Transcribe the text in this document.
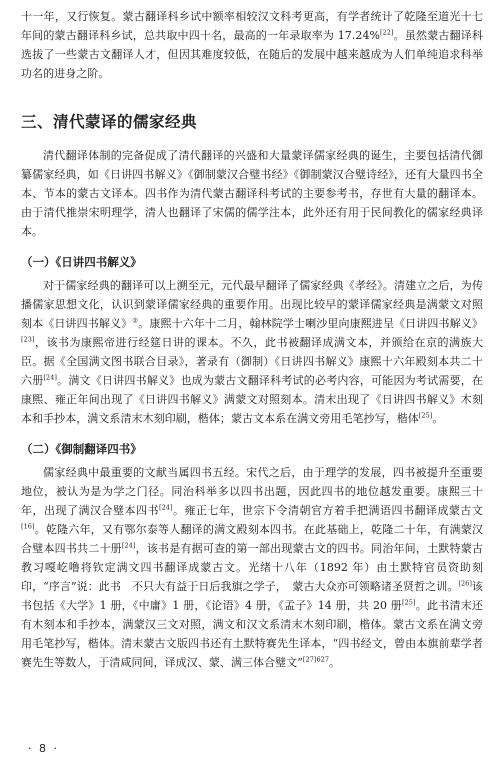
十一年，又行恢复。蒙古翻译科乡试中额率相较汉文科考更高，有学者统计了乾隆至道光十七年间的蒙古翻译科乡试，总共取中四十名，最高的一年录取率为 17.24%[22]。虽然蒙古翻译科选拔了一些蒙古文翻译人才，但因其难度较低，在随后的发展中越来越成为人们单纯追求科举功名的进身之阶。

三、清代蒙译的儒家经典

清代翻译体制的完备促成了清代翻译的兴盛和大量蒙译儒家经典的诞生，主要包括清代御纂儒家经典，如《日讲四书解义》《御制蒙汉合璧书经》《御制蒙汉合璧诗经》，还有大量四书全本、节本的蒙古文译本。四书作为清代蒙古翻译科考试的主要参考书，存世有大量的翻译本。由于清代推崇宋明理学，清人也翻译了宋儒的儒学注本，此外还有用于民间教化的儒家经典译本。

（一）《日讲四书解义》

对于儒家经典的翻译可以上溯至元，元代最早翻译了儒家经典《孝经》。清建立之后，为传播儒家思想文化，认识到蒙译儒家经典的重要作用。出现比较早的蒙译儒家经典是满蒙文对照刻本《日讲四书解义》②。康熙十六年十二月，翰林院学士喇沙里向康熙进呈《日讲四书解义》[23]，该书为康熙帝进行经筵日讲的课本。不久，此书被翻译成满文本，并颁给在京的满族大臣。据《全国满文图书联合目录》，著录有（御制）《日讲四书解义》康熙十六年殿刻本共二十六册[24]。满文《日讲四书解义》也成为蒙古文翻译科考试的必考内容，可能因为考试需要，在康熙、雍正年间出现了《日讲四书解义》满蒙文对照刻本。清末出现了《日讲四书解义》木刻本和手抄本，满文系清末木刻印刷，楷体；蒙古文本系在满文旁用毛笔抄写，楷体[25]。

（二）《御制翻译四书》

儒家经典中最重要的文献当属四书五经。宋代之后，由于理学的发展，四书被提升至重要地位，被认为是为学之门径。同治科举多以四书出题，因此四书的地位越发重要。康熙三十年，出现了满汉合璧本四书[24]。雍正七年，世宗下令清朝官方着手把满语四书翻译成蒙古文[16]。乾隆六年，又有鄂尔泰等人翻译的满文殿刻本四书。在此基础上，乾隆二十年，有满蒙汉合璧本四书共二十册[24]，该书是有据可查的第一部出现蒙古文的四书。同治年间，土默特蒙古教习嘎屹噜将钦定满文四书翻译成蒙古文。光绪十八年（1892 年）由土默特官员资助刻印，“序言”说：此书　不只大有益于日后我旗之学子，　蒙古大众亦可领略诸圣贤哲之训。[26]该书包括《大学》1 册，《中庸》1 册，《论语》4 册，《孟子》14 册，共 20 册[25]。此书清末还有木刻本和手抄本，满蒙汉三文对照，满文和汉文系清末木刻印刷，楷体。蒙古文系在满文旁用毛笔抄写，楷体。清末蒙古文版四书还有土默特赛先生译本，“四书经文，曾由本旗前辈学者赛先生等数人，于清咸同间，译成汉、蒙、满三体合璧文”$^{[27]627}$。

· 8 ·
